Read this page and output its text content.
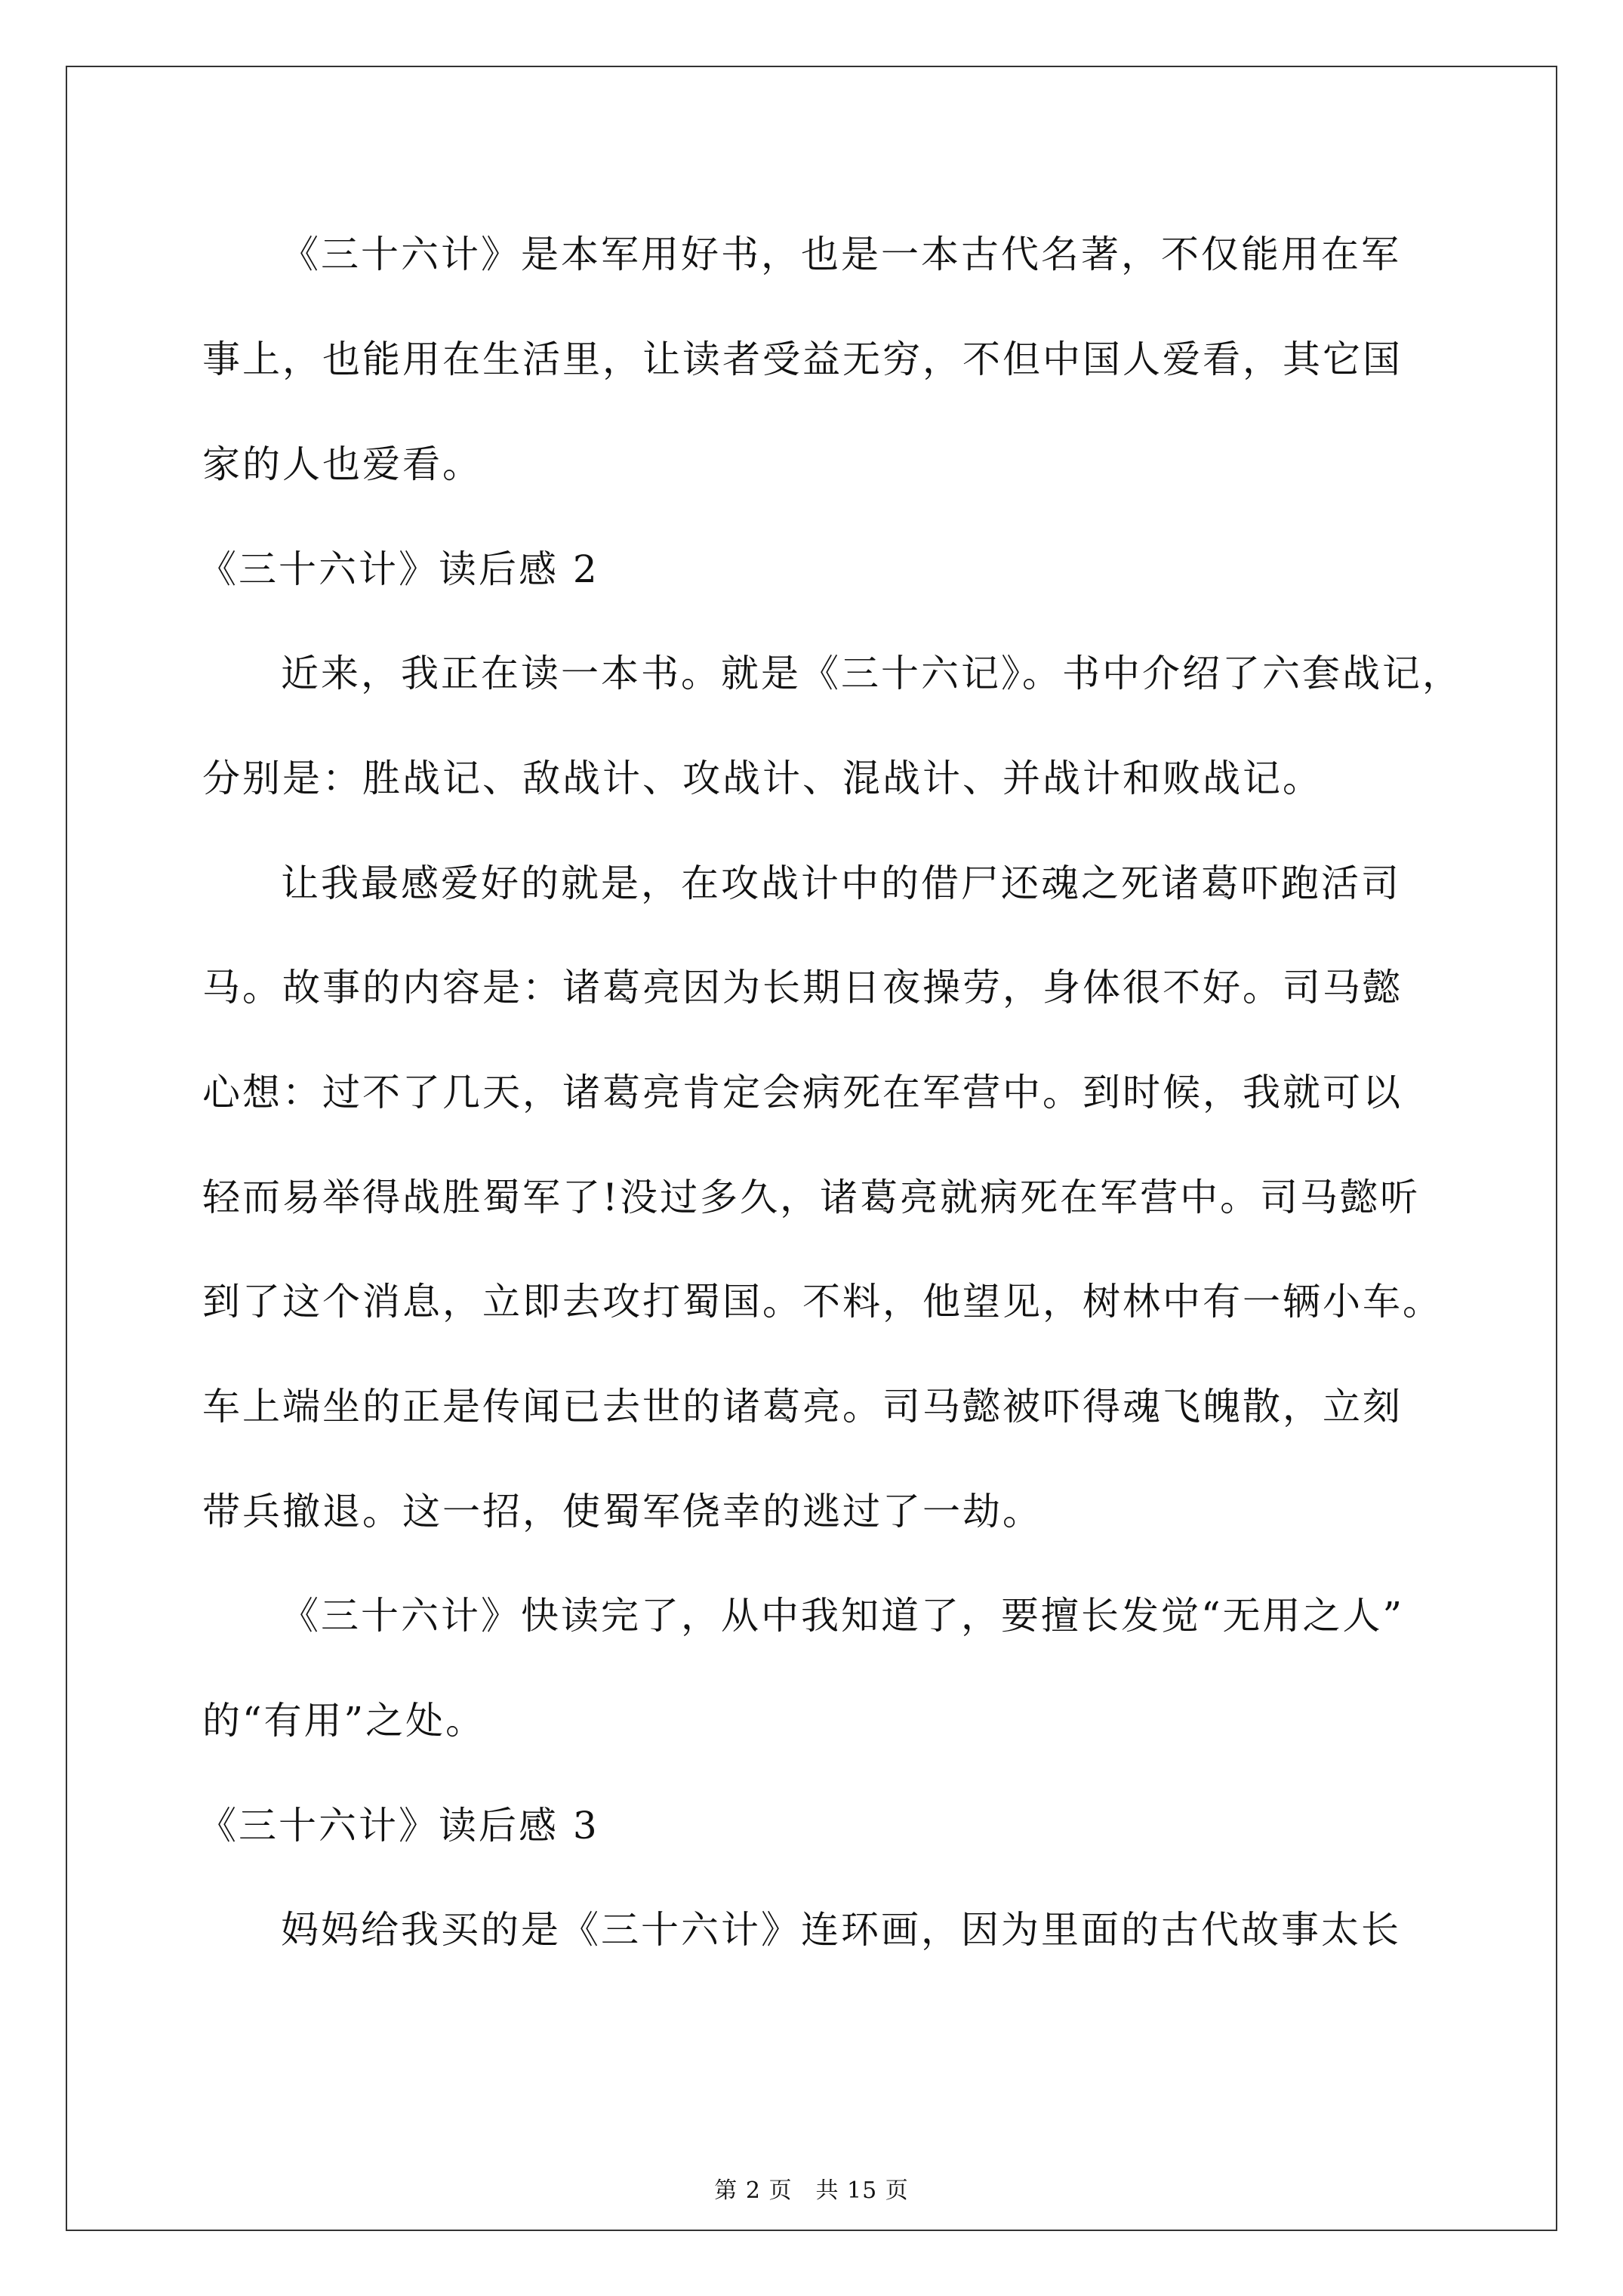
《三十六计》是本军用好书，也是一本古代名著，不仅能用在军
事上，也能用在生活里，让读者受益无穷，不但中国人爱看，其它国
家的人也爱看。
《三十六计》读后感 2
近来，我正在读一本书。就是《三十六记》。书中介绍了六套战记，
分别是：胜战记、敌战计、攻战计、混战计、并战计和败战记。
让我最感爱好的就是，在攻战计中的借尸还魂之死诸葛吓跑活司
马。故事的内容是：诸葛亮因为长期日夜操劳，身体很不好。司马懿
心想：过不了几天，诸葛亮肯定会病死在军营中。到时候，我就可以
轻而易举得战胜蜀军了!没过多久，诸葛亮就病死在军营中。司马懿听
到了这个消息，立即去攻打蜀国。不料，他望见，树林中有一辆小车。
车上端坐的正是传闻已去世的诸葛亮。司马懿被吓得魂飞魄散，立刻
带兵撤退。这一招，使蜀军侥幸的逃过了一劫。
《三十六计》快读完了，从中我知道了，要擅长发觉“无用之人”
的“有用”之处。
《三十六计》读后感 3
妈妈给我买的是《三十六计》连环画，因为里面的古代故事太长
第 2 页　共 15 页
